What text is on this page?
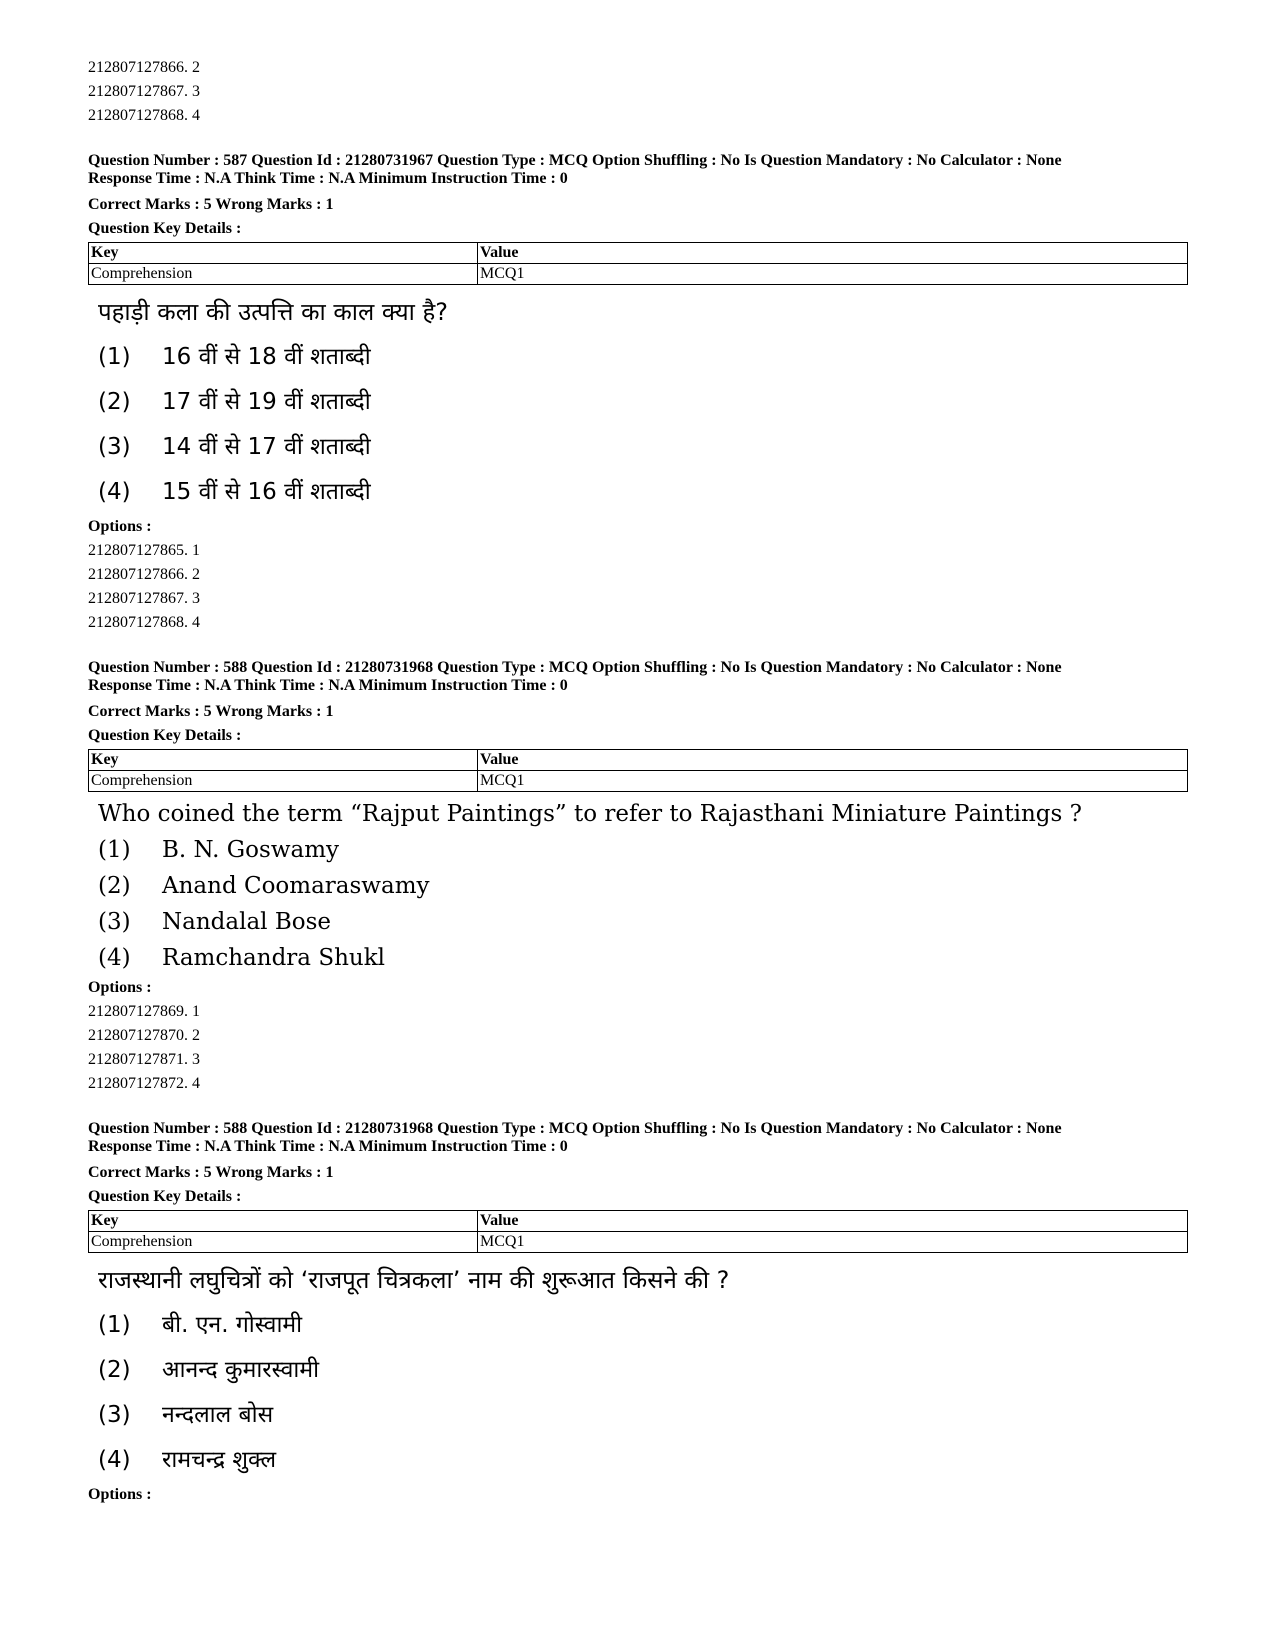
212807127866. 2
212807127867. 3
212807127868. 4
Question Number : 587 Question Id : 21280731967 Question Type : MCQ Option Shuffling : No Is Question Mandatory : No Calculator : None
Response Time : N.A Think Time : N.A Minimum Instruction Time : 0
Correct Marks : 5 Wrong Marks : 1
Question Key Details :
Key	Value
Comprehension	MCQ1
पहाड़ी कला की उत्पत्ति का काल क्या है?
(1)	16 वीं से 18 वीं शताब्दी
(2)	17 वीं से 19 वीं शताब्दी
(3)	14 वीं से 17 वीं शताब्दी
(4)	15 वीं से 16 वीं शताब्दी
Options :
212807127865. 1
212807127866. 2
212807127867. 3
212807127868. 4
Question Number : 588 Question Id : 21280731968 Question Type : MCQ Option Shuffling : No Is Question Mandatory : No Calculator : None
Response Time : N.A Think Time : N.A Minimum Instruction Time : 0
Correct Marks : 5 Wrong Marks : 1
Question Key Details :
Key	Value
Comprehension	MCQ1
Who coined the term “Rajput Paintings” to refer to Rajasthani Miniature Paintings ?
(1)	B. N. Goswamy
(2)	Anand Coomaraswamy
(3)	Nandalal Bose
(4)	Ramchandra Shukl
Options :
212807127869. 1
212807127870. 2
212807127871. 3
212807127872. 4
Question Number : 588 Question Id : 21280731968 Question Type : MCQ Option Shuffling : No Is Question Mandatory : No Calculator : None
Response Time : N.A Think Time : N.A Minimum Instruction Time : 0
Correct Marks : 5 Wrong Marks : 1
Question Key Details :
Key	Value
Comprehension	MCQ1
राजस्थानी लघुचित्रों को ‘राजपूत चित्रकला’ नाम की शुरूआत किसने की ?
(1)	बी. एन. गोस्वामी
(2)	आनन्द कुमारस्वामी
(3)	नन्दलाल बोस
(4)	रामचन्द्र शुक्ल
Options :
